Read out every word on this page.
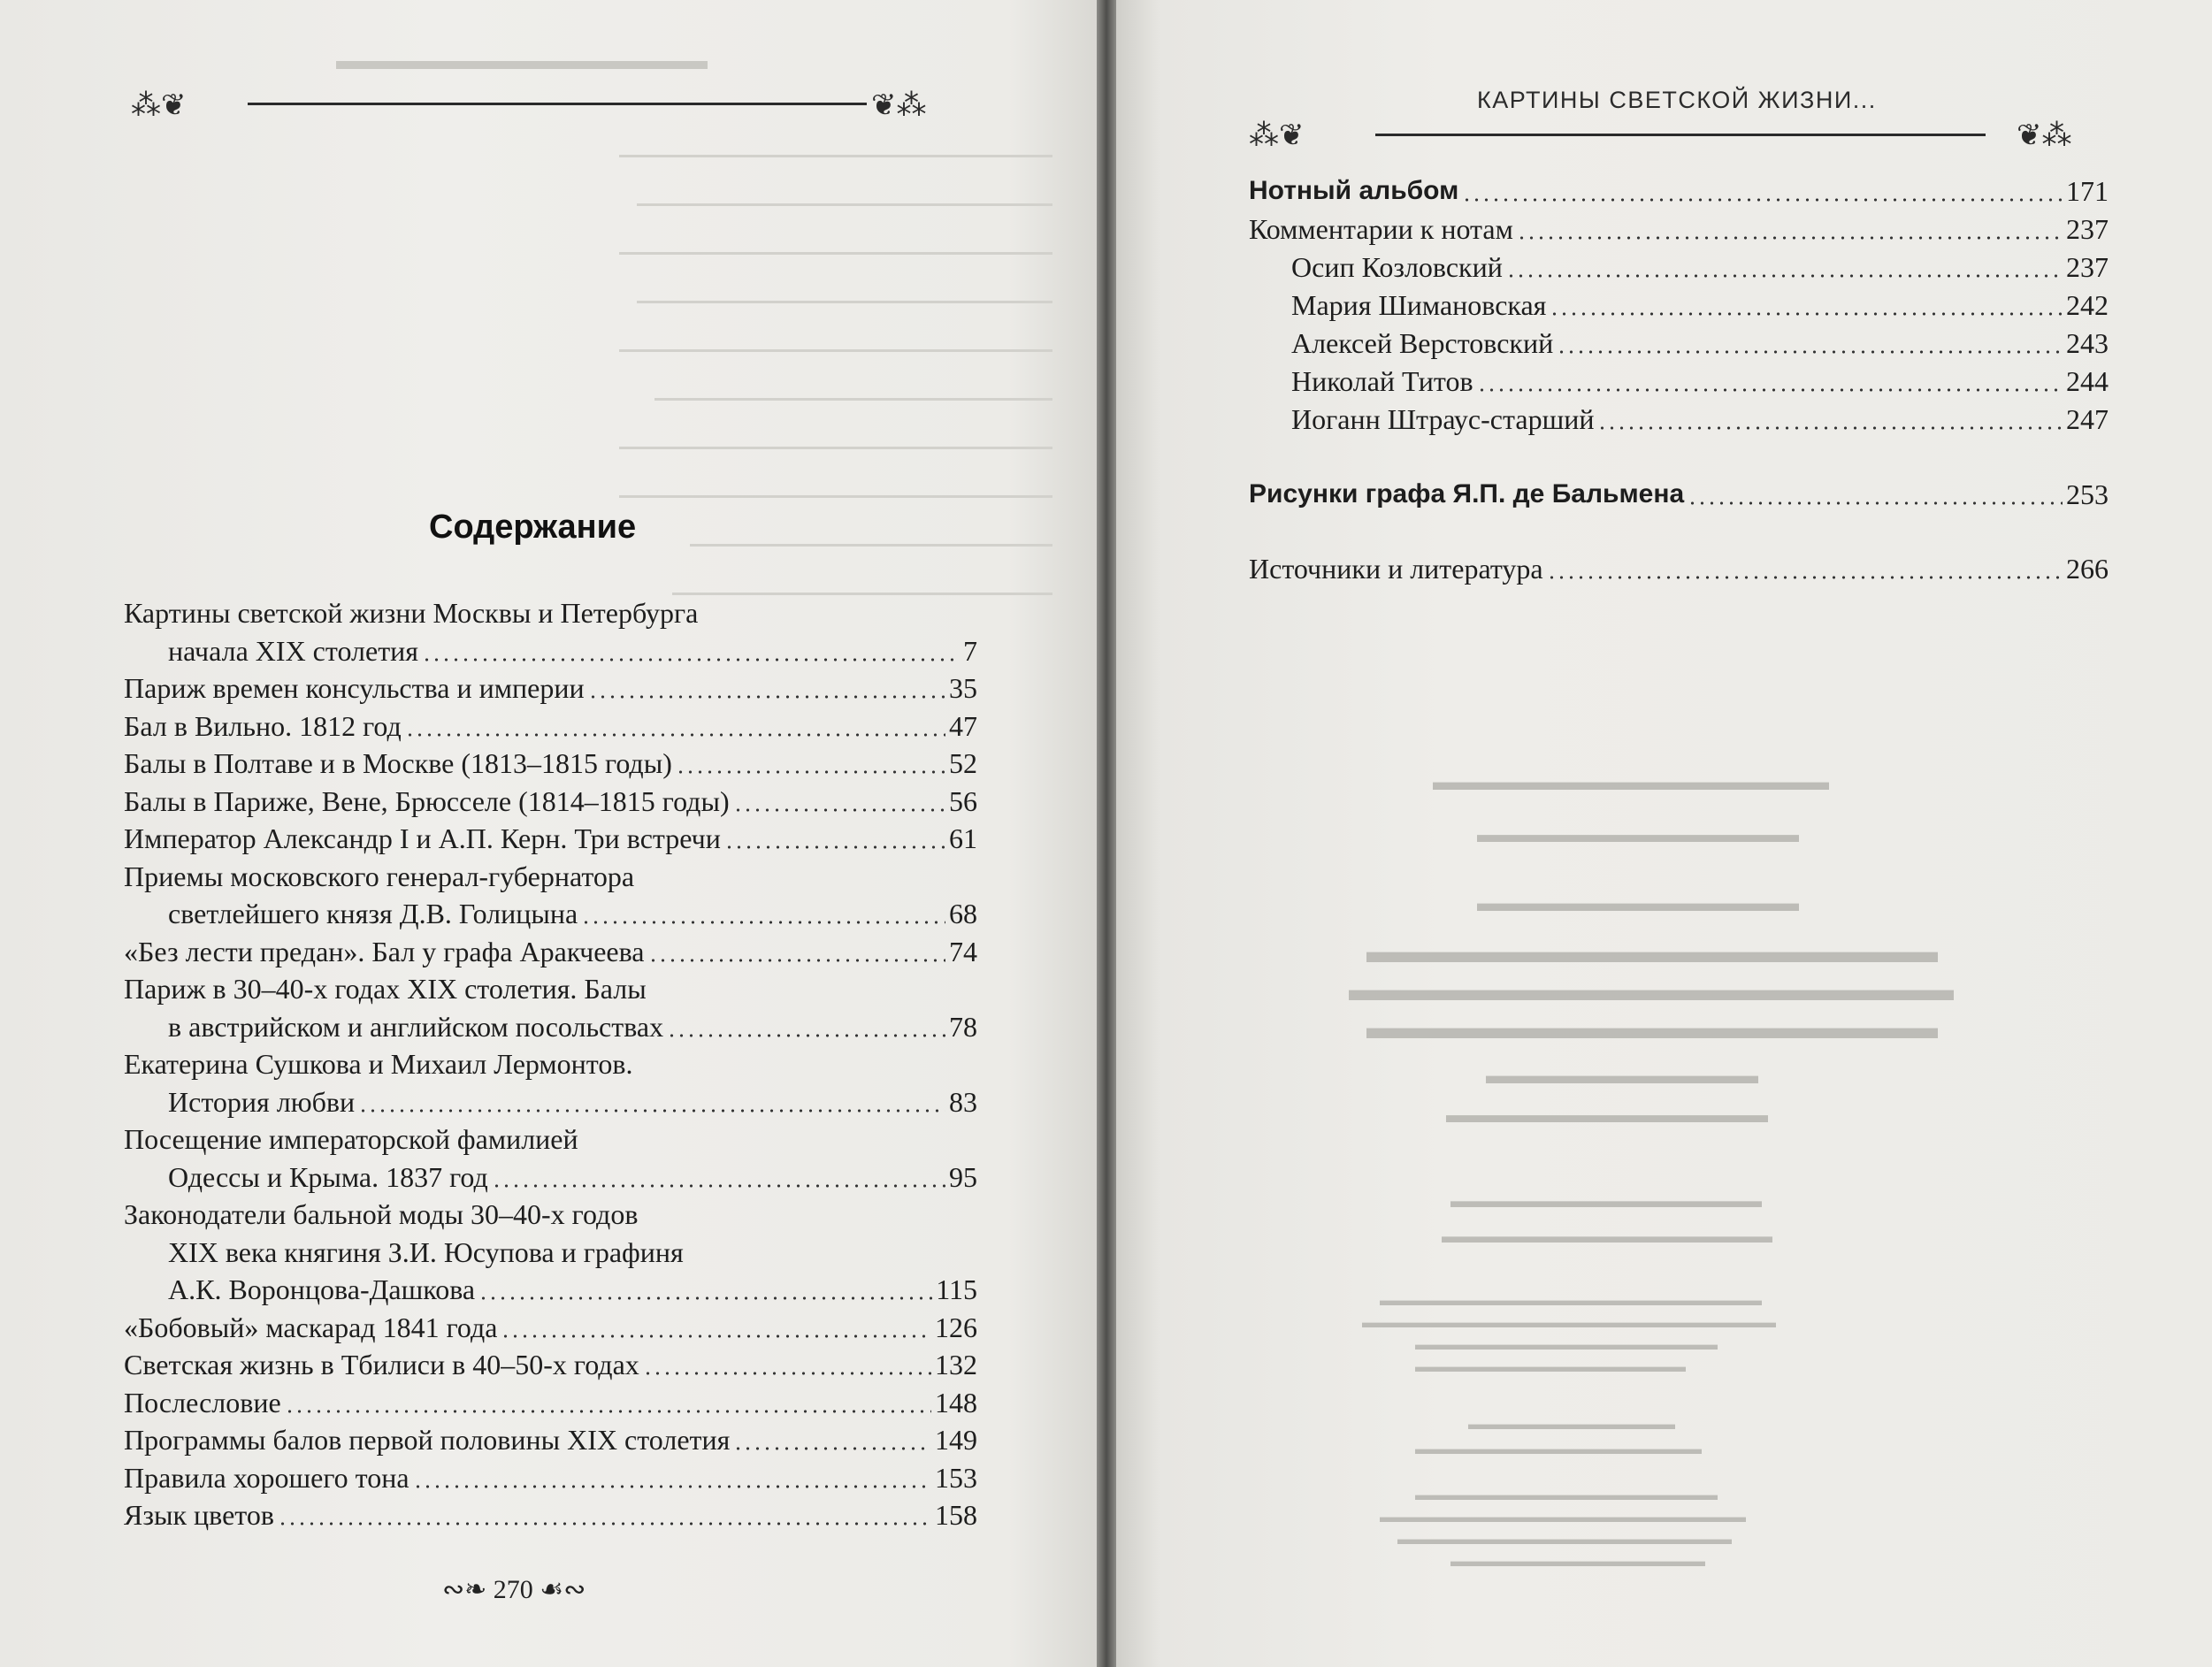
▬▬▬▬▬▬▬▬▬▬▬▬▬▬
⁂❦	❦⁂	КАРТИНЫ СВЕТСКОЙ ЖИЗНИ...
⁂❦	❦⁂
Содержание
Картины светской жизни Москвы и Петербурга
начала XIX столетия	7
Париж времен консульства и империи	35
Бал в Вильно. 1812 год	47
Балы в Полтаве и в Москве (1813–1815 годы)	52
Балы в Париже, Вене, Брюсселе (1814–1815 годы)	56
Император Александр I и А.П. Керн. Три встречи	61
Приемы московского генерал-губернатора
светлейшего князя Д.В. Голицына	68
«Без лести предан». Бал у графа Аракчеева	74
Париж в 30–40-х годах XIX столетия. Балы
в австрийском и английском посольствах	78
Екатерина Сушкова и Михаил Лермонтов.
История любви	83
Посещение императорской фамилией
Одессы и Крыма. 1837 год	95
Законодатели бальной моды 30–40-х годов
XIX века княгиня З.И. Юсупова и графиня
А.К. Воронцова-Дашкова	115
«Бобовый» маскарад 1841 года	126
Светская жизнь в Тбилиси в 40–50-х годах	132
Послесловие	148
Программы балов первой половины XIX столетия	149
Правила хорошего тона	153
Язык цветов	158
∾❧ 270 ☙∾
Нотный альбом	171
Комментарии к нотам	237
Осип Козловский	237
Мария Шимановская	242
Алексей Верстовский	243
Николай Титов	244
Иоганн Штраус-старший	247
Рисунки графа Я.П. де Бальмена	253
Источники и литература	266
▬▬▬▬▬▬▬▬▬▬▬▬▬▬▬▬
▬▬▬▬▬▬▬▬▬▬▬▬▬▬
▬▬▬▬▬▬▬▬▬▬▬▬▬
▬▬▬▬▬▬▬▬▬▬▬▬▬▬▬▬▬
▬▬▬▬▬▬▬▬▬▬▬▬▬▬▬▬▬▬
▬▬▬▬▬▬▬▬▬▬▬▬▬▬▬▬▬
▬▬▬▬▬▬▬▬▬▬▬
▬▬▬▬▬▬▬▬▬▬▬▬▬▬
▬▬▬▬▬▬▬▬▬▬▬▬▬▬▬▬
▬▬▬▬▬▬▬▬▬▬▬▬▬▬▬▬▬
▬▬▬▬▬▬▬▬▬▬▬▬▬▬▬▬▬▬▬▬▬▬▬▬
▬▬▬▬▬▬▬▬▬▬▬▬▬▬▬▬▬▬▬▬▬▬▬▬▬▬
▬▬▬▬▬▬▬▬▬▬▬▬▬▬▬▬▬▬▬
▬▬▬▬▬▬▬▬▬▬▬▬▬▬▬▬▬
▬▬▬▬▬▬▬▬▬▬▬▬▬
▬▬▬▬▬▬▬▬▬▬▬▬▬▬▬▬▬▬
▬▬▬▬▬▬▬▬▬▬▬▬▬▬▬▬▬▬▬
▬▬▬▬▬▬▬▬▬▬▬▬▬▬▬▬▬▬▬▬▬▬▬
▬▬▬▬▬▬▬▬▬▬▬▬▬▬▬▬▬▬▬▬▬
▬▬▬▬▬▬▬▬▬▬▬▬▬▬▬▬
